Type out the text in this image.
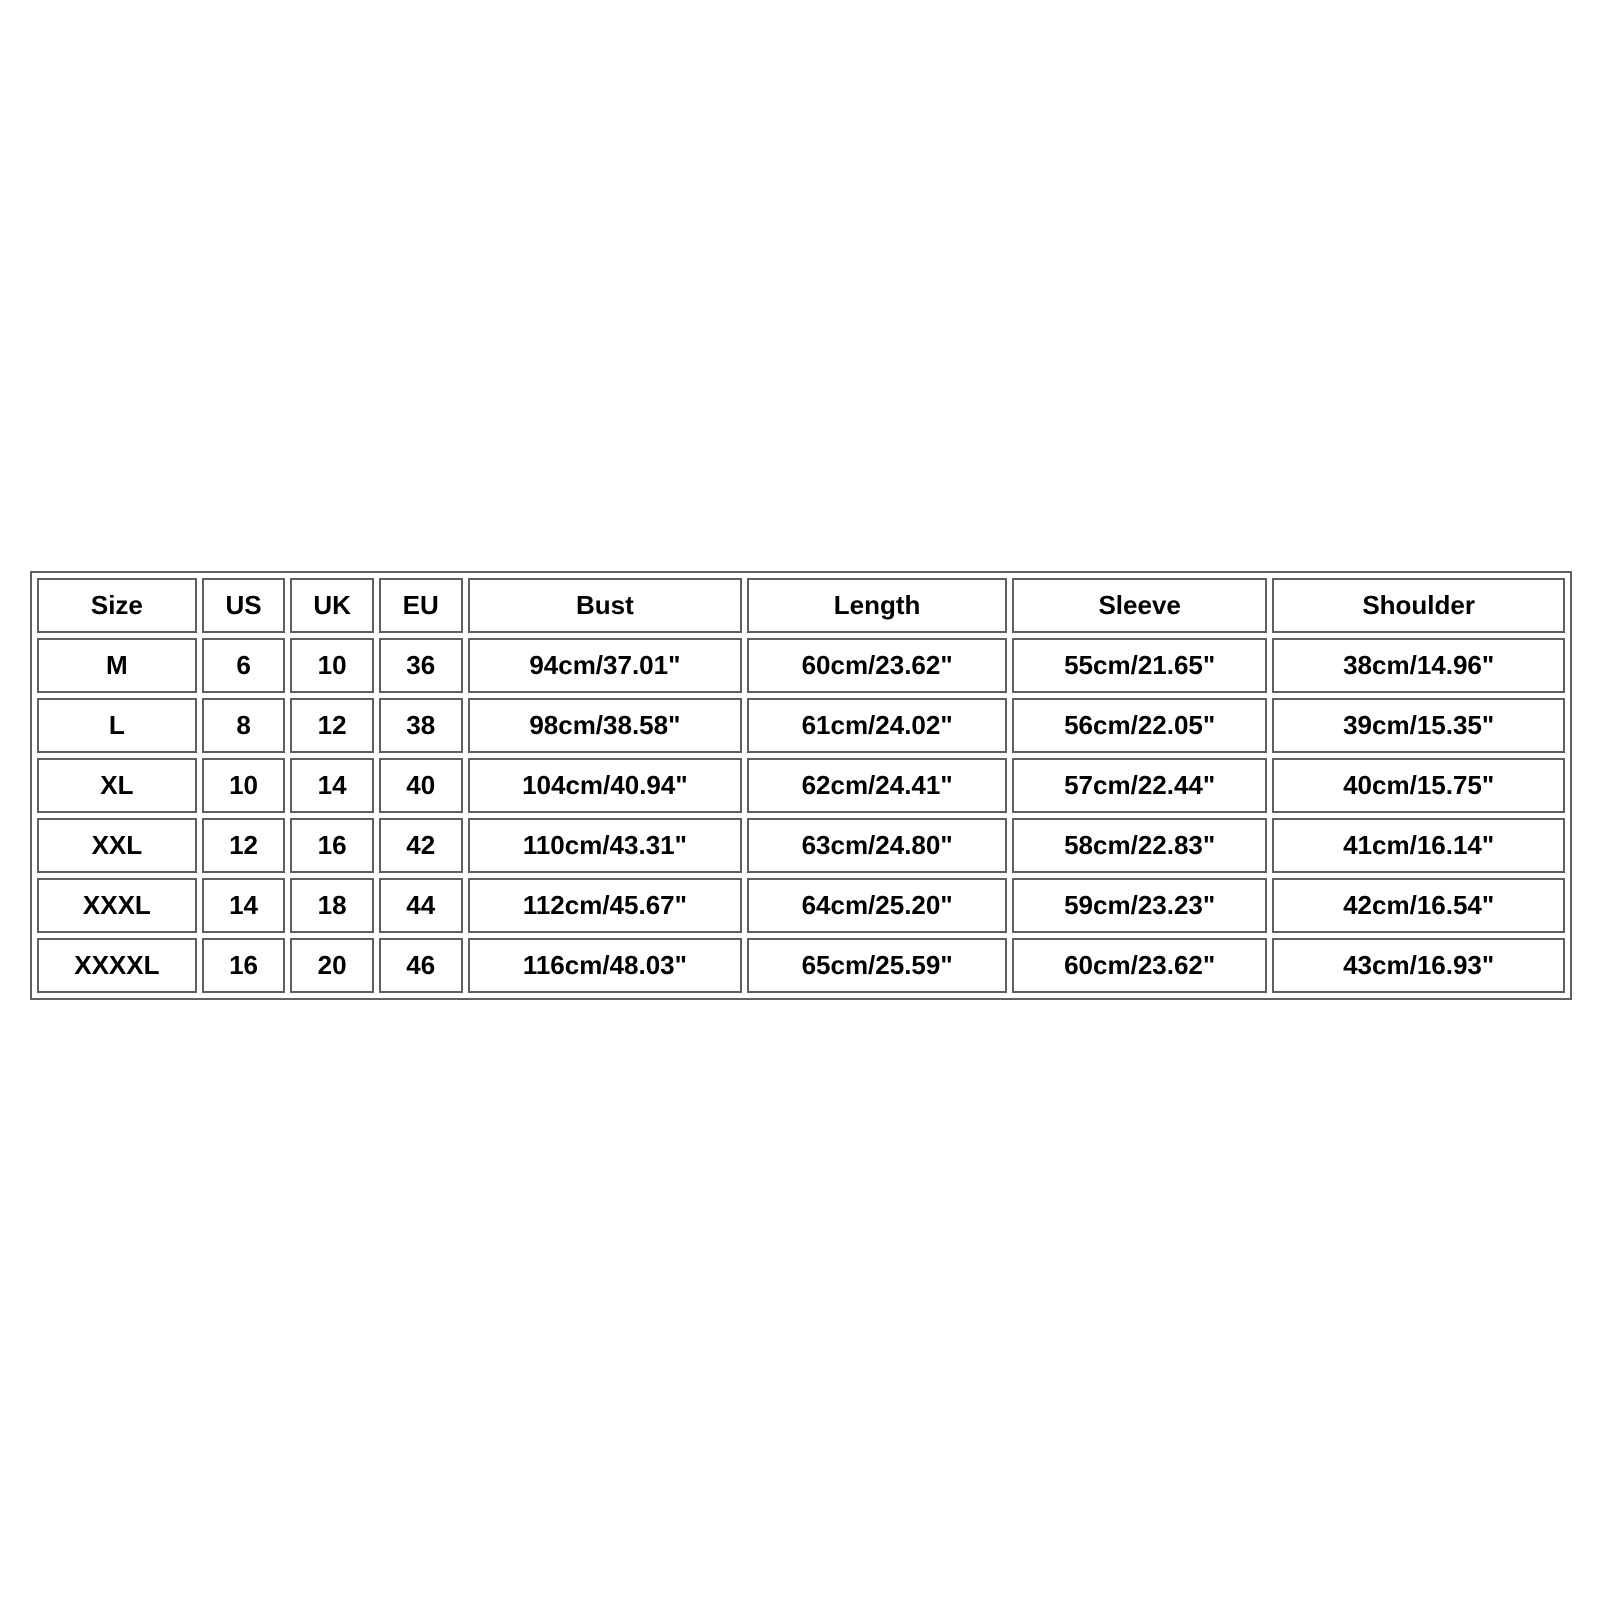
Size	US	UK	EU	Bust	Length	Sleeve	Shoulder
M	6	10	36	94cm/37.01"	60cm/23.62"	55cm/21.65"	38cm/14.96"
L	8	12	38	98cm/38.58"	61cm/24.02"	56cm/22.05"	39cm/15.35"
XL	10	14	40	104cm/40.94"	62cm/24.41"	57cm/22.44"	40cm/15.75"
XXL	12	16	42	110cm/43.31"	63cm/24.80"	58cm/22.83"	41cm/16.14"
XXXL	14	18	44	112cm/45.67"	64cm/25.20"	59cm/23.23"	42cm/16.54"
XXXXL	16	20	46	116cm/48.03"	65cm/25.59"	60cm/23.62"	43cm/16.93"
